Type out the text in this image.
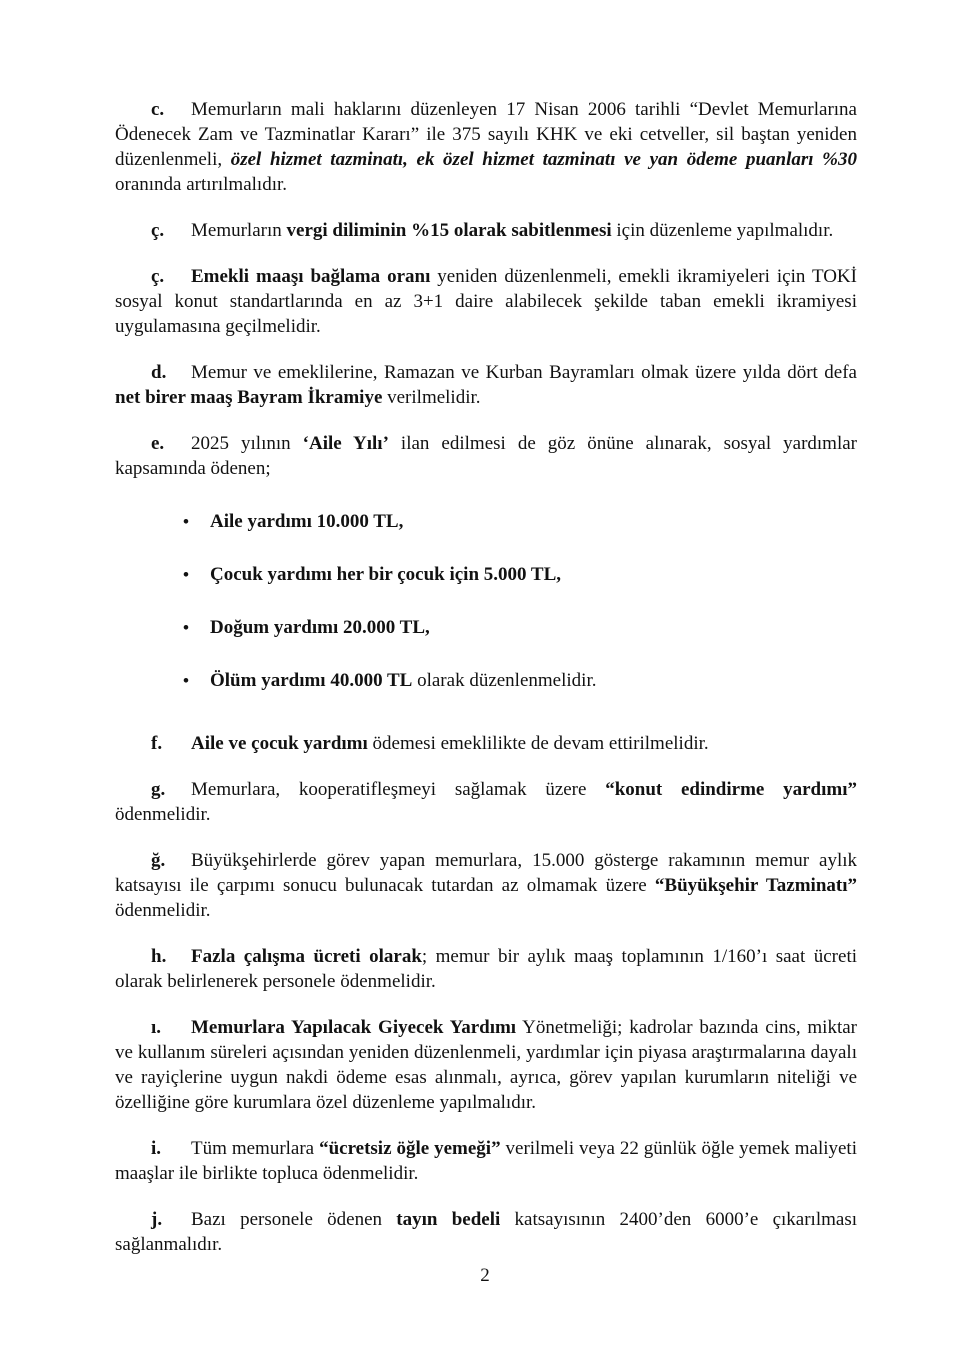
c. Memurların mali haklarını düzenleyen 17 Nisan 2006 tarihli “Devlet Memurlarına Ödenecek Zam ve Tazminatlar Kararı” ile 375 sayılı KHK ve eki cetveller, sil baştan yeniden düzenlenmeli, özel hizmet tazminatı, ek özel hizmet tazminatı ve yan ödeme puanları %30 oranında artırılmalıdır.

ç. Memurların vergi diliminin %15 olarak sabitlenmesi için düzenleme yapılmalıdır.

ç. Emekli maaşı bağlama oranı yeniden düzenlenmeli, emekli ikramiyeleri için TOKİ sosyal konut standartlarında en az 3+1 daire alabilecek şekilde taban emekli ikramiyesi uygulamasına geçilmelidir.

d. Memur ve emeklilerine, Ramazan ve Kurban Bayramları olmak üzere yılda dört defa net birer maaş Bayram İkramiye verilmelidir.

e. 2025 yılının ‘Aile Yılı’ ilan edilmesi de göz önüne alınarak, sosyal yardımlar kapsamında ödenen;

• Aile yardımı 10.000 TL,

• Çocuk yardımı her bir çocuk için 5.000 TL,

• Doğum yardımı 20.000 TL,

• Ölüm yardımı 40.000 TL olarak düzenlenmelidir.

f. Aile ve çocuk yardımı ödemesi emeklilikte de devam ettirilmelidir.

g. Memurlara, kooperatifleşmeyi sağlamak üzere “konut edindirme yardımı” ödenmelidir.

ğ. Büyükşehirlerde görev yapan memurlara, 15.000 gösterge rakamının memur aylık katsayısı ile çarpımı sonucu bulunacak tutardan az olmamak üzere “Büyükşehir Tazminatı” ödenmelidir.

h. Fazla çalışma ücreti olarak; memur bir aylık maaş toplamının 1/160’ı saat ücreti olarak belirlenerek personele ödenmelidir.

ı. Memurlara Yapılacak Giyecek Yardımı Yönetmeliği; kadrolar bazında cins, miktar ve kullanım süreleri açısından yeniden düzenlenmeli, yardımlar için piyasa araştırmalarına dayalı ve rayiçlerine uygun nakdi ödeme esas alınmalı, ayrıca, görev yapılan kurumların niteliği ve özelliğine göre kurumlara özel düzenleme yapılmalıdır.

i. Tüm memurlara “ücretsiz öğle yemeği” verilmeli veya 22 günlük öğle yemek maliyeti maaşlar ile birlikte topluca ödenmelidir.

j. Bazı personele ödenen tayın bedeli katsayısının 2400’den 6000’e çıkarılması sağlanmalıdır.

2
